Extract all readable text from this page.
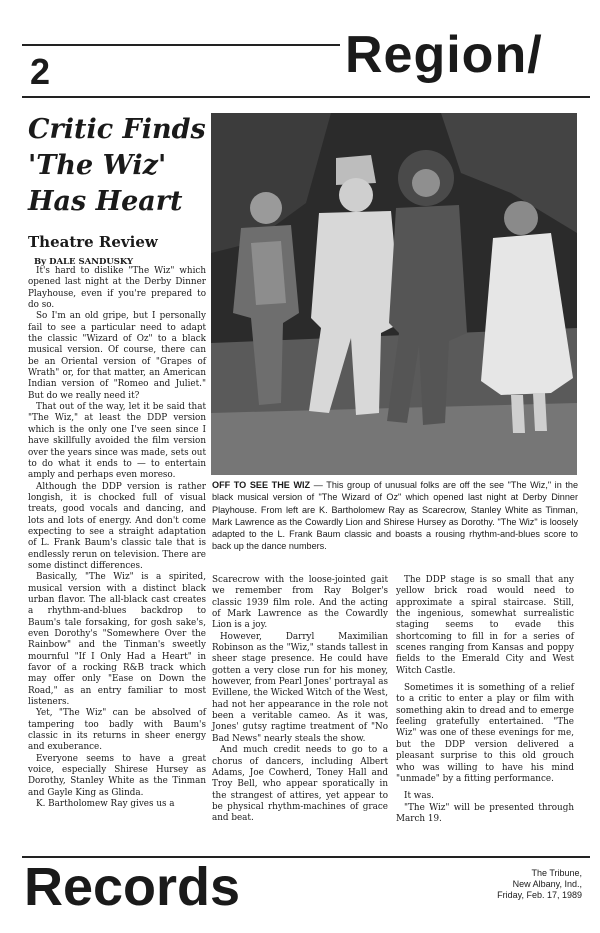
2	Region/
Critic Finds 'The Wiz' Has Heart
Theatre Review
By DALE SANDUSKY

It's hard to dislike "The Wiz" which opened last night at the Derby Dinner Playhouse, even if you're prepared to do so.

So I'm an old gripe, but I personally fail to see a particular need to adapt the classic "Wizard of Oz" to a black musical version. Of course, there can be an Oriental version of "Grapes of Wrath" or, for that matter, an American Indian version of "Romeo and Juliet." But do we really need it?

That out of the way, let it be said that "The Wiz," at least the DDP version which is the only one I've seen since I have skillfully avoided the film version over the years since was made, sets out to do what it ends to — to entertain amply and perhaps even moreso.

Although the DDP version is rather longish, it is chocked full of visual treats, good vocals and dancing, and lots and lots of energy. And don't come expecting to see a straight adaptation of L. Frank Baum's classic tale that is endlessly rerun on television. There are some distinct differences.

Basically, "The Wiz" is a spirited, musical version with a distinct black urban flavor. The all-black cast creates a rhythm-and-blues backdrop to Baum's tale forsaking, for gosh sake's, even Dorothy's "Somewhere Over the Rainbow" and the Tinman's sweetly mournful "If I Only Had a Heart" in favor of a rocking R&B track which may offer only "Ease on Down the Road," as an entry familiar to most listeners.

Yet, "The Wiz" can be absolved of tampering too badly with Baum's classic in its returns in sheer energy and exuberance.

Everyone seems to have a great voice, especially Shirese Hursey as Dorothy, Stanley White as the Tinman and Gayle King as Glinda.

K. Bartholomew Ray gives us a

OFF TO SEE THE WIZ — This group of unusual folks are off the see "The Wiz," in the black musical version of "The Wizard of Oz" which opened last night at Derby Dinner Playhouse. From left are K. Bartholomew Ray as Scarecrow, Stanley White as Tinman, Mark Lawrence as the Cowardly Lion and Shirese Hursey as Dorothy. "The Wiz" is loosely adapted to the L. Frank Baum classic and boasts a rousing rhythm-and-blues score to back up the dance numbers.

Scarecrow with the loose-jointed gait we remember from Ray Bolger's classic 1939 film role. And the acting of Mark Lawrence as the Cowardly Lion is a joy.

However, Darryl Maximilian Robinson as the "Wiz," stands tallest in sheer stage presence. He could have gotten a very close run for his money, however, from Pearl Jones' portrayal as Evillene, the Wicked Witch of the West, had not her appearance in the role not been a veritable cameo. As it was, Jones' gutsy ragtime treatment of "No Bad News" nearly steals the show.

And much credit needs to go to a chorus of dancers, including Albert Adams, Joe Cowherd, Toney Hall and Troy Bell, who appear sporatically in the strangest of attires, yet appear to be physical rhythm-machines of grace and beat.

The DDP stage is so small that any yellow brick road would need to approximate a spiral staircase. Still, the ingenious, somewhat surrealistic staging seems to evade this shortcoming to fill in for a series of scenes ranging from Kansas and poppy fields to the Emerald City and West Witch Castle.

Sometimes it is something of a relief to a critic to enter a play or film with something akin to dread and to emerge feeling gratefully entertained. "The Wiz" was one of these evenings for me, but the DDP version delivered a pleasant surprise to this old grouch who was willing to have his mind "unmade" by a fitting performance.

It was.

"The Wiz" will be presented through March 19.

Records	The Tribune,
New Albany, Ind.,
Friday, Feb. 17, 1989
